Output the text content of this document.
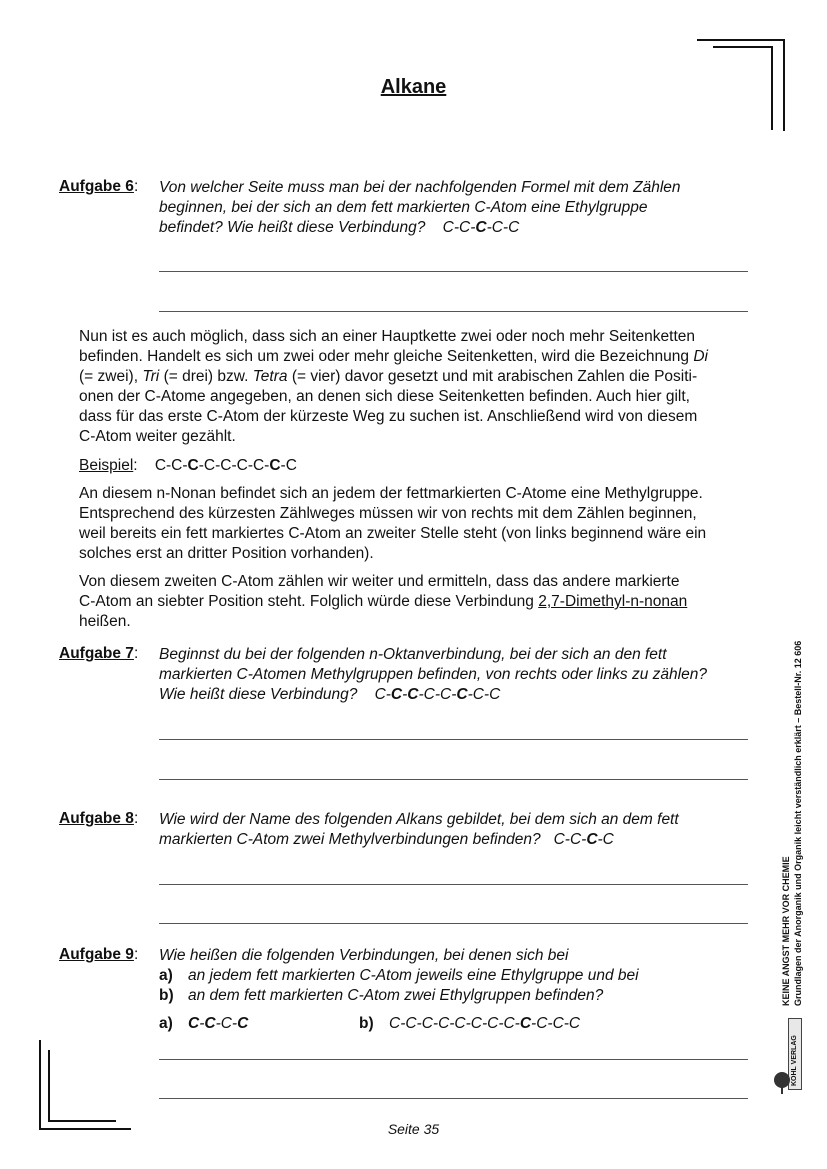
Alkane
Aufgabe 6: Von welcher Seite muss man bei der nachfolgenden Formel mit dem Zählen
beginnen, bei der sich an dem fett markierten C-Atom eine Ethylgruppe
befindet? Wie heißt diese Verbindung? C-C-C-C-C
Nun ist es auch möglich, dass sich an einer Hauptkette zwei oder noch mehr Seitenketten
befinden. Handelt es sich um zwei oder mehr gleiche Seitenketten, wird die Bezeichnung Di
(= zwei), Tri (= drei) bzw. Tetra (= vier) davor gesetzt und mit arabischen Zahlen die Positi-
onen der C-Atome angegeben, an denen sich diese Seitenketten befinden. Auch hier gilt,
dass für das erste C-Atom der kürzeste Weg zu suchen ist. Anschließend wird von diesem
C-Atom weiter gezählt.
Beispiel:    C-C-C-C-C-C-C-C-C
An diesem n-Nonan befindet sich an jedem der fettmarkierten C-Atome eine Methylgruppe.
Entsprechend des kürzesten Zählweges müssen wir von rechts mit dem Zählen beginnen,
weil bereits ein fett markiertes C-Atom an zweiter Stelle steht (von links beginnend wäre ein
solches erst an dritter Position vorhanden).
Von diesem zweiten C-Atom zählen wir weiter und ermitteln, dass das andere markierte
C-Atom an siebter Position steht. Folglich würde diese Verbindung 2,7-Dimethyl-n-nonan
heißen.
Aufgabe 7: Beginnst du bei der folgenden n-Oktanverbindung, bei der sich an den fett
markierten C-Atomen Methylgruppen befinden, von rechts oder links zu zählen?
Wie heißt diese Verbindung? C-C-C-C-C-C-C-C
Aufgabe 8: Wie wird der Name des folgenden Alkans gebildet, bei dem sich an dem fett
markierten C-Atom zwei Methylverbindungen befinden? C-C-C-C
Aufgabe 9: Wie heißen die folgenden Verbindungen, bei denen sich bei
a) an jedem fett markierten C-Atom jeweils eine Ethylgruppe und bei
b) an dem fett markierten C-Atom zwei Ethylgruppen befinden?
a) C-C-C-C	b) C-C-C-C-C-C-C-C-C-C-C-C
Seite 35
KEINE ANGST MEHR VOR CHEMIE Grundlagen der Anorganik und Organik leicht verständlich erklärt – Bestell-Nr. 12 606
KOHL VERLAG
